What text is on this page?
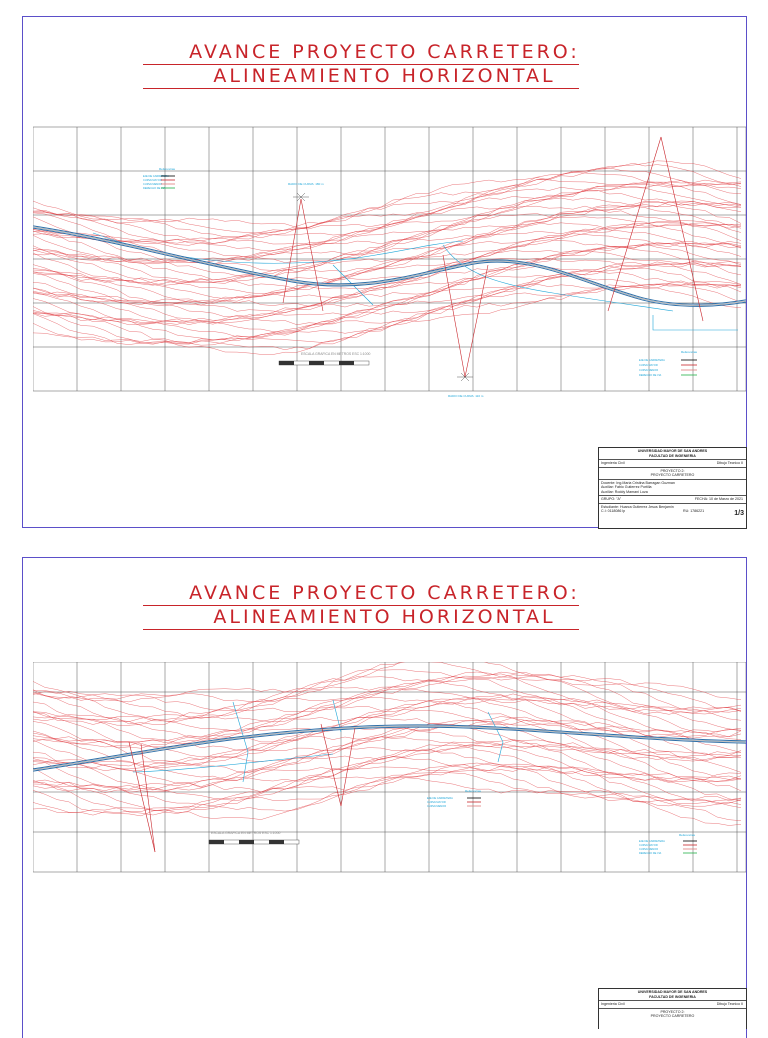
AVANCE PROYECTO CARRETERO:
ALINEAMIENTO HORIZONTAL
RADIO DE CURVA: 180 m
RADIO DE CURVA: 110 m
Referencias
EJE DE CARRETERA
CURVA MAYOR
CURVA MENOR
DERECHO DE VIA
Referencias
EJE DE CARRETERA
CURVA MAYOR
CURVA MENOR
DERECHO DE VIA
ESCALA GRAFICA EN METROS ESC 1:1000
UNIVERSIDAD MAYOR DE SAN ANDRES
FACULTAD DE INGENIERIA
Ingenieria Civil	Dibujo Tecnico II
PROYECTO 2:
PROYECTO CARRETERO
Docente: Ing.Maria Cristina Barragan Guzman
Auxiliar: Fabio Gutierrez Portilla
Auxiliar: Roddy Mamani Loza
GRUPO: "A"	FECHA: 10 de Marzo de 2021
Estudiante: Huarca Gutierrez Jesus Benjamin
C.I: 0118086 lp	RU: 1786221	1/3
AVANCE PROYECTO CARRETERO:
ALINEAMIENTO HORIZONTAL
ESCALA GRAFICA EN METROS ESC 1:1000
Referencias
EJE DE CARRETERA
CURVA MAYOR
CURVA MENOR
Referencias
EJE DE CARRETERA
CURVA MAYOR
CURVA MENOR
DERECHO DE VIA
UNIVERSIDAD MAYOR DE SAN ANDRES
FACULTAD DE INGENIERIA
Ingenieria Civil	Dibujo Tecnico II
PROYECTO 2:
PROYECTO CARRETERO
